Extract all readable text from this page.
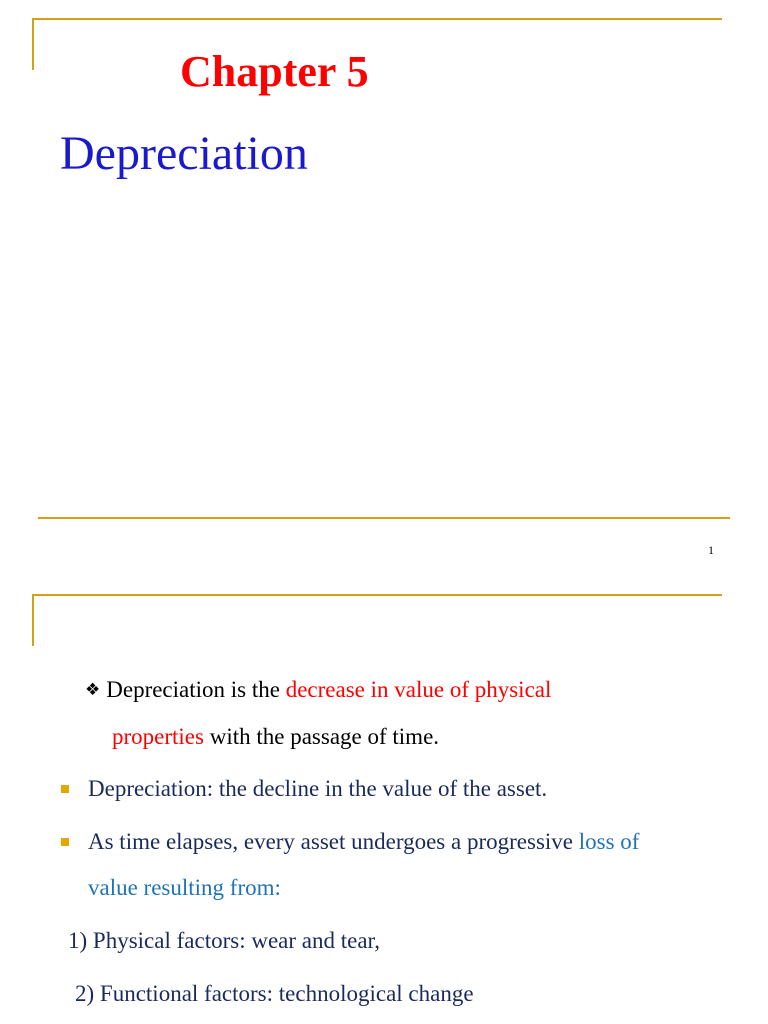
Chapter 5
Depreciation
1
❖ Depreciation is the decrease in value of physical
properties with the passage of time.
Depreciation: the decline in the value of the asset.
As time elapses, every asset undergoes a progressive loss of
value resulting from:
1) Physical factors: wear and tear,
2) Functional factors: technological change
